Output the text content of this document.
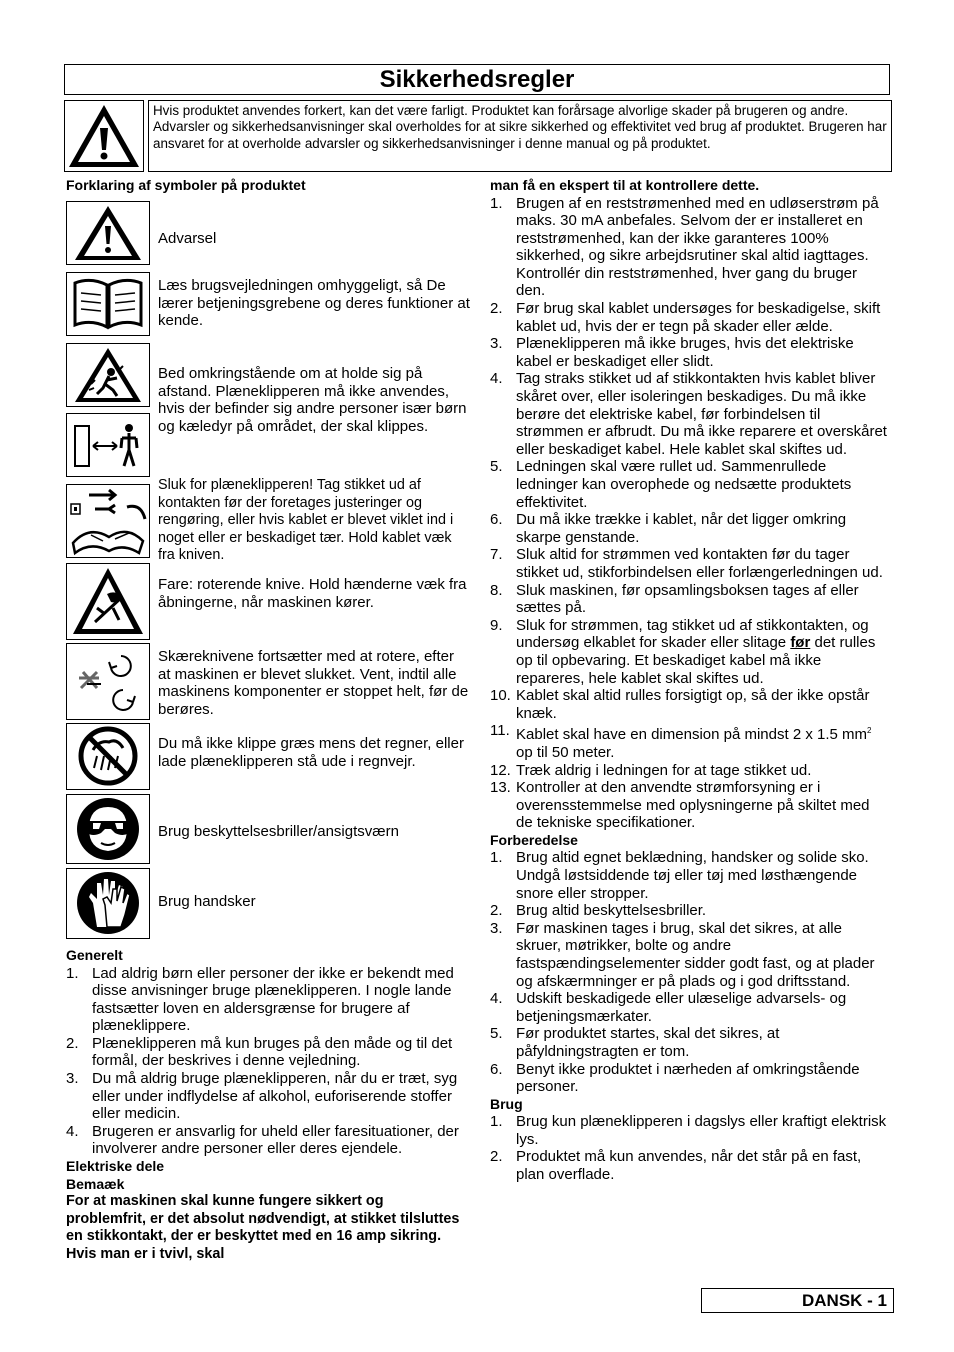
Sikkerhedsregler
Hvis produktet anvendes forkert, kan det være farligt. Produktet kan forårsage alvorlige skader på brugeren og andre. Advarsler og sikkerhedsanvisninger skal overholdes for at sikre sikkerhed og effektivitet ved brug af produktet. Brugeren har ansvaret for at overholde advarsler og sikkerhedsanvisninger i denne manual og på produktet.
Forklaring af symboler på produktet
Advarsel
Læs brugsvejledningen omhyggeligt, så De lærer betjeningsgrebene og deres funktioner at kende.
Bed omkringstående om at holde sig på afstand. Plæneklipperen må ikke anvendes, hvis der befinder sig andre personer især børn og kæledyr på området, der skal klippes.
Sluk for plæneklipperen! Tag stikket ud af kontakten før der foretages justeringer og rengøring, eller hvis kablet er blevet viklet ind i noget eller er beskadiget tær. Hold kablet væk fra kniven.
Fare: roterende knive. Hold hænderne væk fra åbningerne, når maskinen kører.
Skæreknivene fortsætter med at rotere, efter at maskinen er blevet slukket. Vent, indtil alle maskinens komponenter er stoppet helt, før de berøres.
Du må ikke klippe græs mens det regner, eller lade plæneklipperen stå ude i regnvejr.
Brug beskyttelsesbriller/ansigtsværn
Brug handsker
Generelt
1. Lad aldrig børn eller personer der ikke er bekendt med disse anvisninger bruge plæneklipperen. I nogle lande fastsætter loven en aldersgrænse for brugere af plæneklippere.
2. Plæneklipperen må kun bruges på den måde og til det formål, der beskrives i denne vejledning.
3. Du må aldrig bruge plæneklipperen, når du er træt, syg eller under indflydelse af alkohol, euforiserende stoffer eller medicin.
4. Brugeren er ansvarlig for uheld eller faresituationer, der involverer andre personer eller deres ejendele.
Elektriske dele
Bemaæk
For at maskinen skal kunne fungere sikkert og problemfrit, er det absolut nødvendigt, at stikket tilsluttes en stikkontakt, der er beskyttet med en 16 amp sikring. Hvis man er i tvivl, skal
man få en ekspert til at kontrollere dette.
1. Brugen af en reststrømenhed med en udløserstrøm på maks. 30 mA anbefales. Selvom der er installeret en reststrømenhed, kan der ikke garanteres 100% sikkerhed, og sikre arbejdsrutiner skal altid iagttages. Kontrollér din reststrømenhed, hver gang du bruger den.
2. Før brug skal kablet undersøges for beskadigelse, skift kablet ud, hvis der er tegn på skader eller ælde.
3. Plæneklipperen må ikke bruges, hvis det elektriske kabel er beskadiget eller slidt.
4. Tag straks stikket ud af stikkontakten hvis kablet bliver skåret over, eller isoleringen beskadiges. Du må ikke berøre det elektriske kabel, før forbindelsen til strømmen er afbrudt. Du må ikke reparere et overskåret eller beskadiget kabel. Hele kablet skal skiftes ud.
5. Ledningen skal være rullet ud. Sammenrullede ledninger kan overophede og nedsætte produktets effektivitet.
6. Du må ikke trække i kablet, når det ligger omkring skarpe genstande.
7. Sluk altid for strømmen ved kontakten før du tager stikket ud, stikforbindelsen eller forlængerledningen ud.
8. Sluk maskinen, før opsamlingsboksen tages af eller sættes på.
9. Sluk for strømmen, tag stikket ud af stikkontakten, og undersøg elkablet for skader eller slitage før det rulles op til opbevaring. Et beskadiget kabel må ikke repareres, hele kablet skal skiftes ud.
10. Kablet skal altid rulles forsigtigt op, så der ikke opstår knæk.
11. Kablet skal have en dimension på mindst 2 x 1.5 $mm^2$ op til 50 meter.
12. Træk aldrig i ledningen for at tage stikket ud.
13. Kontroller at den anvendte strømforsyning er i overensstemmelse med oplysningerne på skiltet med de tekniske specifikationer.
Forberedelse
1. Brug altid egnet beklædning, handsker og solide sko. Undgå løstsiddende tøj eller tøj med løsthængende snore eller stropper.
2. Brug altid beskyttelsesbriller.
3. Før maskinen tages i brug, skal det sikres, at alle skruer, møtrikker, bolte og andre fastspændingselementer sidder godt fast, og at plader og afskærmninger er på plads og i god driftsstand.
4. Udskift beskadigede eller ulæselige advarsels- og betjeningsmærkater.
5. Før produktet startes, skal det sikres, at påfyldningstragten er tom.
6. Benyt ikke produktet i nærheden af omkringstående personer.
Brug
1. Brug kun plæneklipperen i dagslys eller kraftigt elektrisk lys.
2. Produktet må kun anvendes, når det står på en fast, plan overflade.
DANSK - 1
